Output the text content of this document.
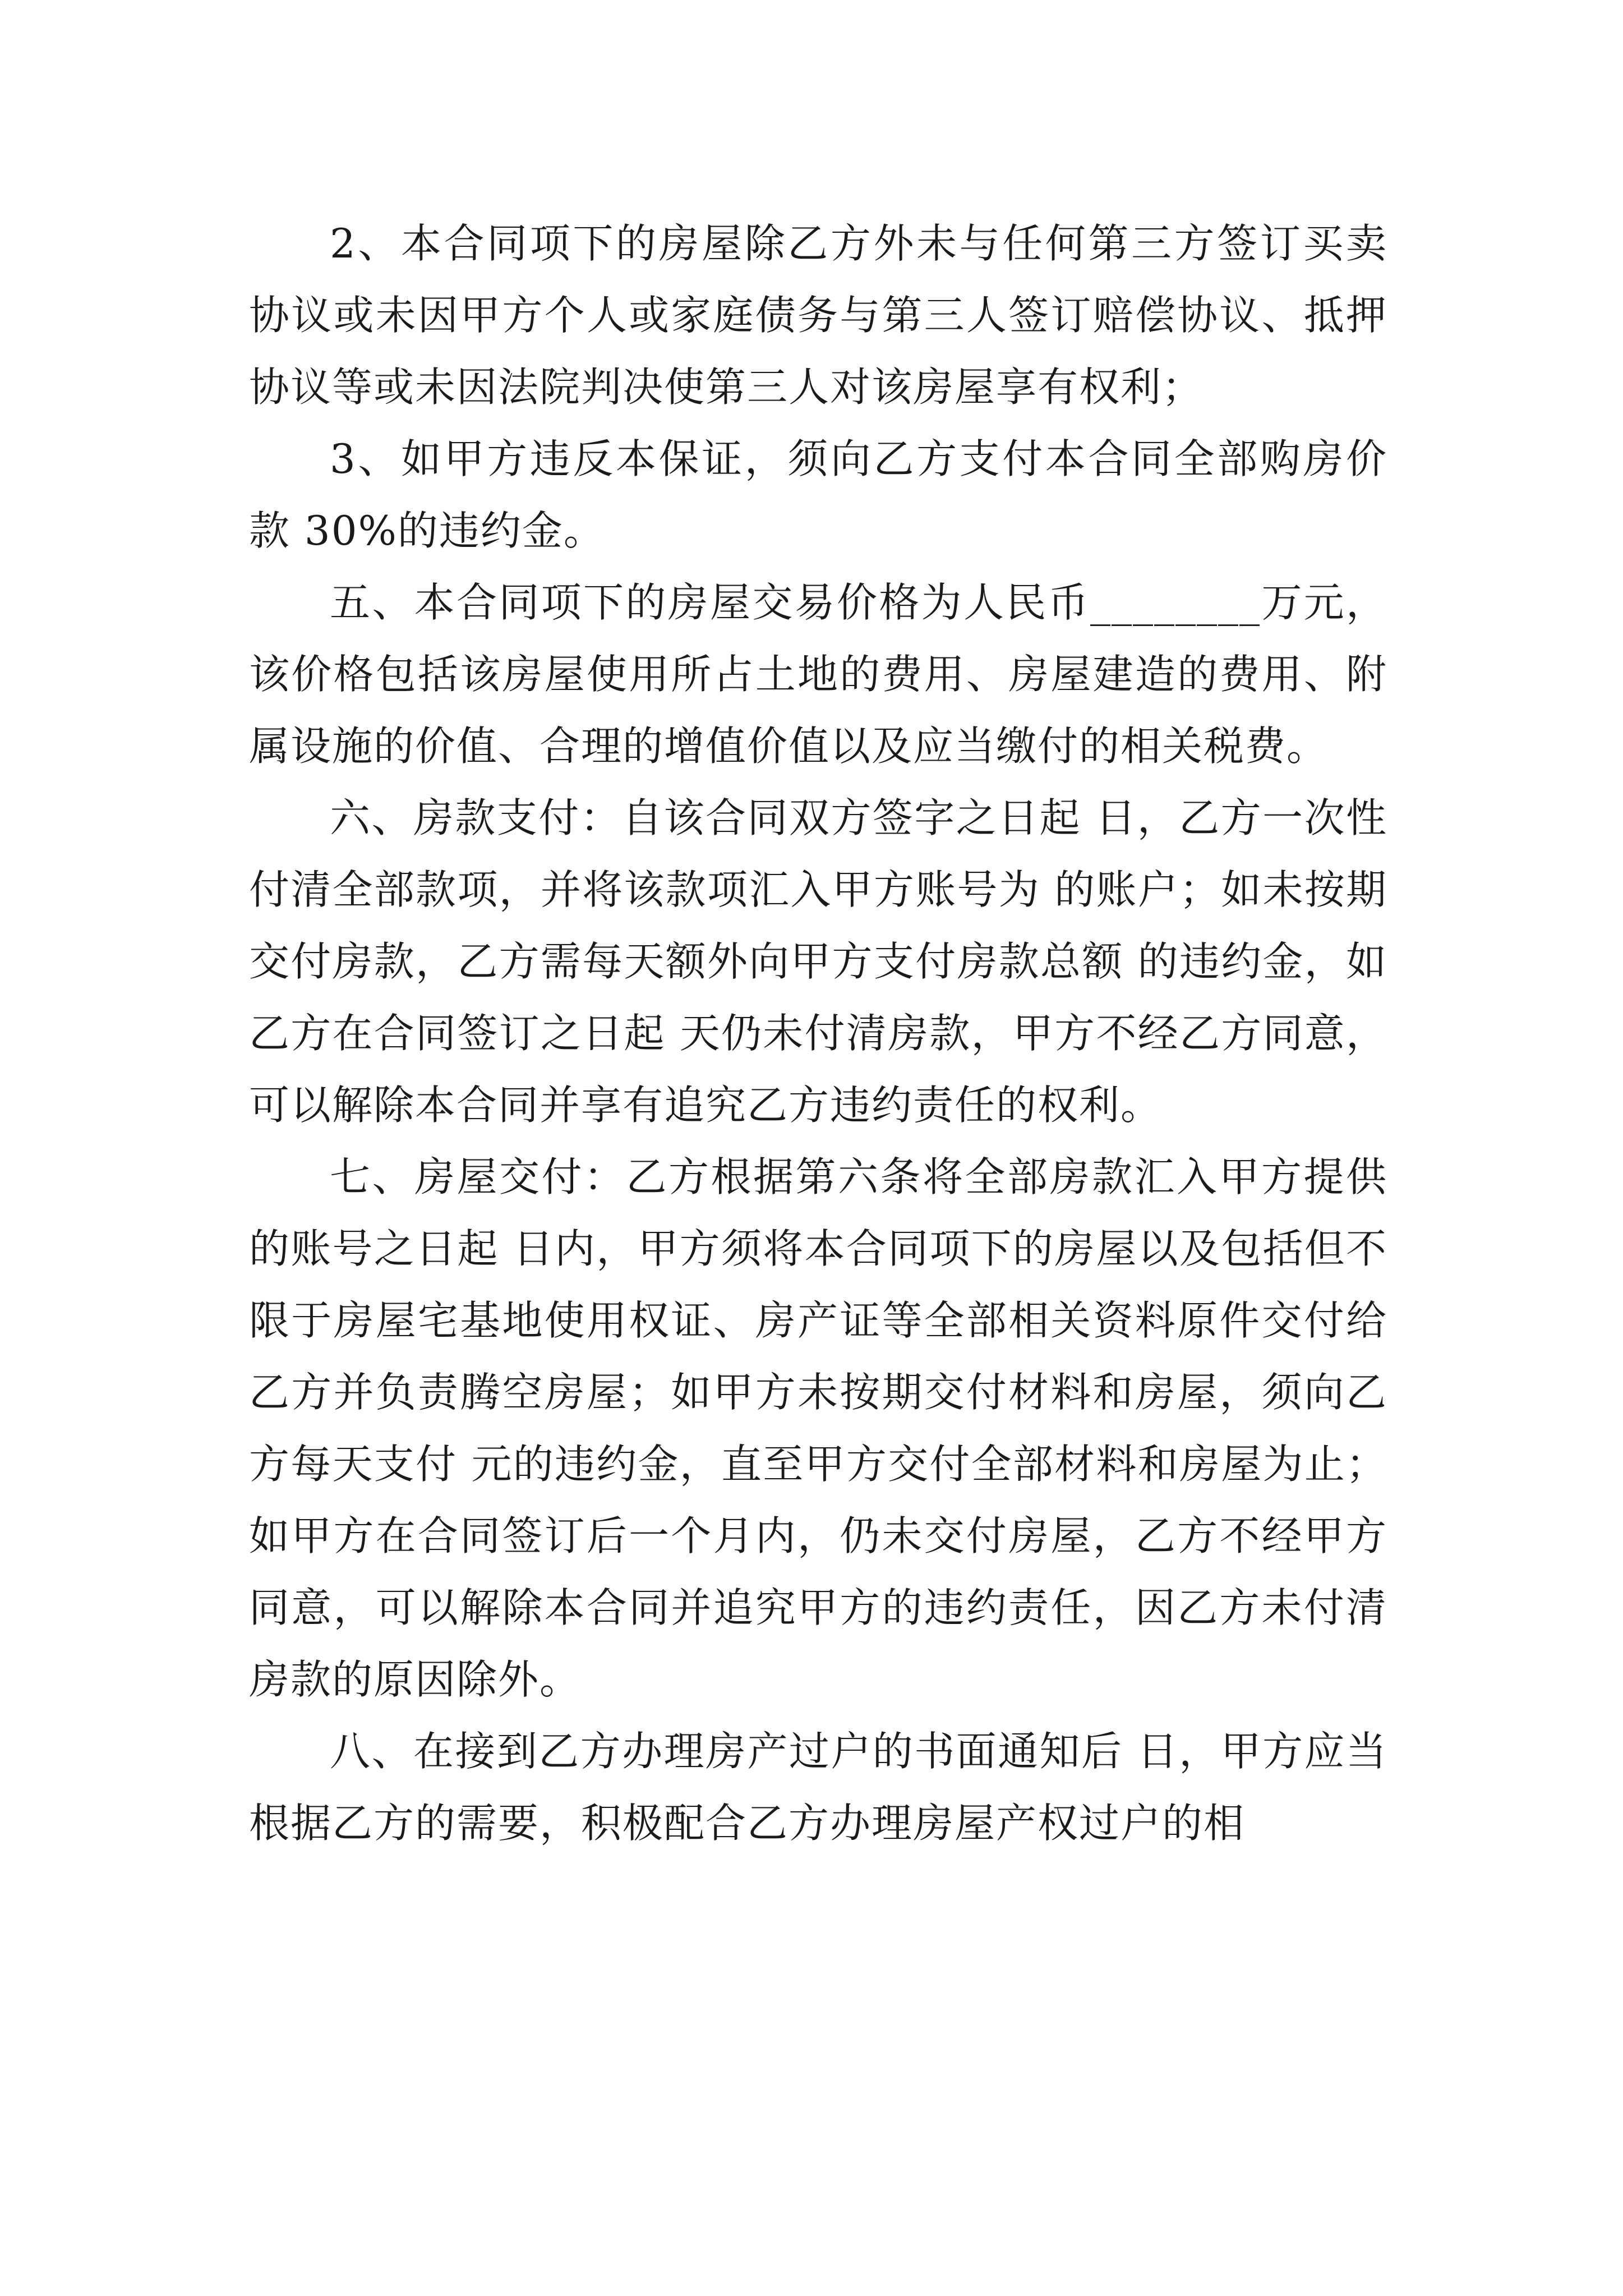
2、本合同项下的房屋除乙方外未与任何第三方签订买卖协议或未因甲方个人或家庭债务与第三人签订赔偿协议、抵押协议等或未因法院判决使第三人对该房屋享有权利；

3、如甲方违反本保证，须向乙方支付本合同全部购房价款 30%的违约金。

五、本合同项下的房屋交易价格为人民币________万元，该价格包括该房屋使用所占土地的费用、房屋建造的费用、附属设施的价值、合理的增值价值以及应当缴付的相关税费。

六、房款支付：自该合同双方签字之日起 日，乙方一次性付清全部款项，并将该款项汇入甲方账号为 的账户；如未按期交付房款，乙方需每天额外向甲方支付房款总额 的违约金，如乙方在合同签订之日起 天仍未付清房款，甲方不经乙方同意，可以解除本合同并享有追究乙方违约责任的权利。

七、房屋交付：乙方根据第六条将全部房款汇入甲方提供的账号之日起 日内，甲方须将本合同项下的房屋以及包括但不限于房屋宅基地使用权证、房产证等全部相关资料原件交付给乙方并负责腾空房屋；如甲方未按期交付材料和房屋，须向乙方每天支付 元的违约金，直至甲方交付全部材料和房屋为止；如甲方在合同签订后一个月内，仍未交付房屋，乙方不经甲方同意，可以解除本合同并追究甲方的违约责任，因乙方未付清房款的原因除外。

八、在接到乙方办理房产过户的书面通知后 日，甲方应当根据乙方的需要，积极配合乙方办理房屋产权过户的相
